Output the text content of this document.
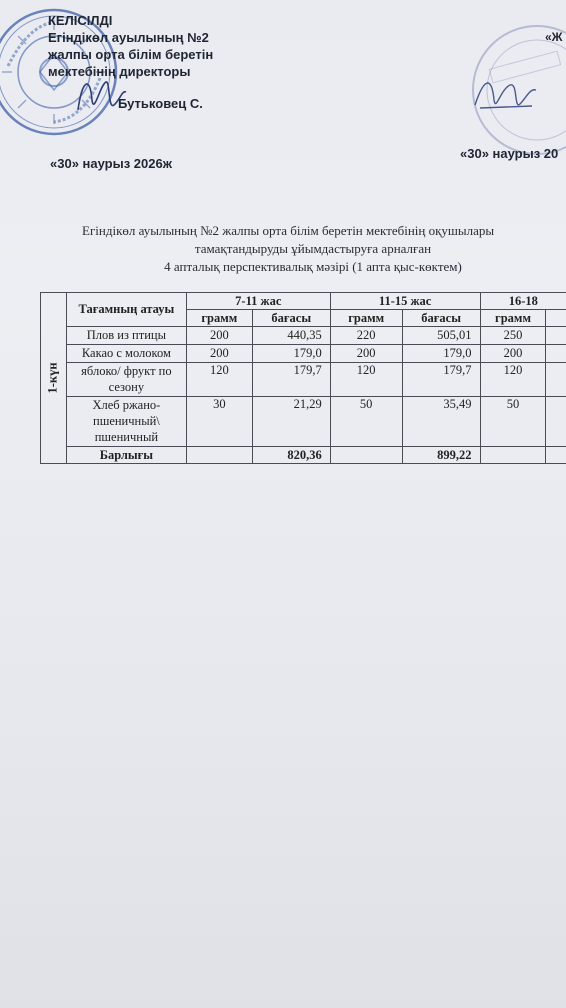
КЕЛІСІЛДІ
Егіндікөл ауылының №2
жалпы орта білім беретін
мектебінің директоры
Бутьковец С.
«30» наурыз 2026ж
«Ж
«30» наурыз 20
Егіндікөл ауылының №2 жалпы орта білім беретін мектебінің оқушылары
тамақтандыруды ұйымдастыруға арналған
4 апталық перспективалық мәзірі (1 апта қыс-көктем)
1-күн	Тағамның атауы	7-11 жас		11-15 жас		16-18	
		грамм	бағасы	грамм	бағасы	грамм	
	Плов из птицы	200	440,35	220	505,01	250	
	Какао с молоком	200	179,0	200	179,0	200	
	яблоко/ фрукт по сезону	120	179,7	120	179,7	120	
	Хлеб ржано-пшеничный\ пшеничный	30	21,29	50	35,49	50	
	Барлығы		820,36		899,22		
